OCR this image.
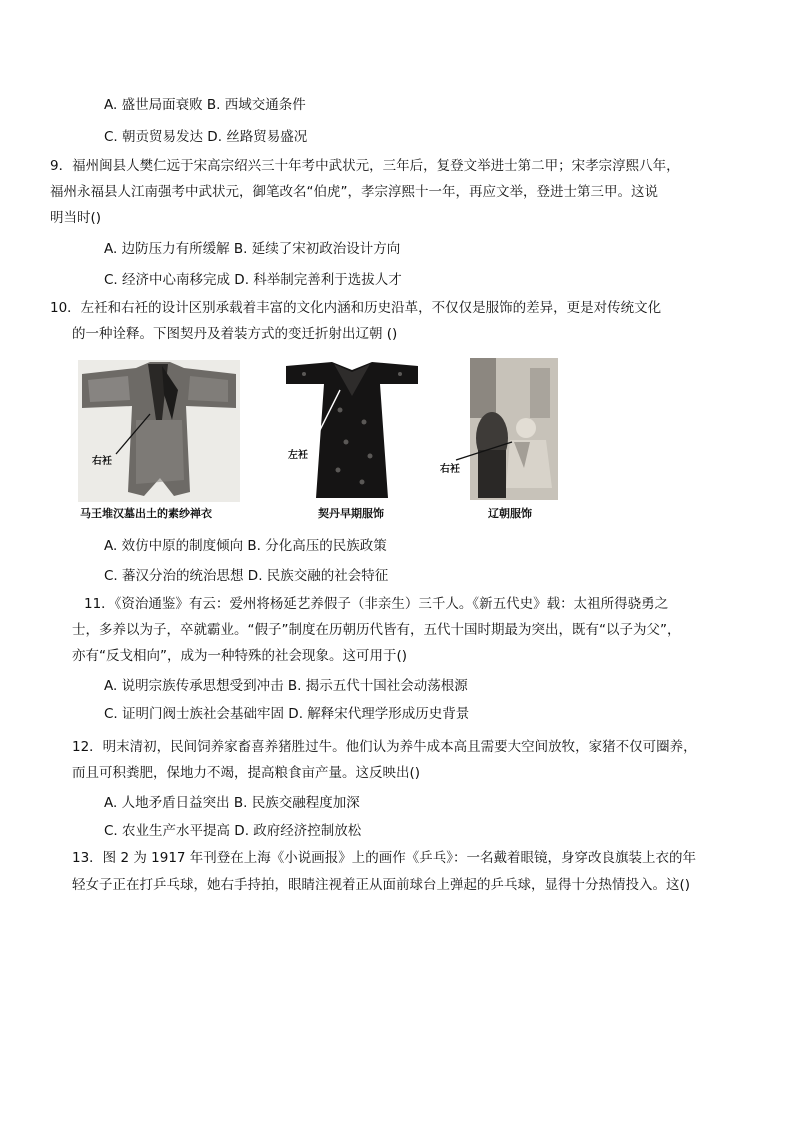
A. 盛世局面衰败 B. 西域交通条件
C. 朝贡贸易发达 D. 丝路贸易盛况
9．福州闽县人樊仁远于宋高宗绍兴三十年考中武状元，三年后，复登文举进士第二甲；宋孝宗淳熙八年，
福州永福县人江南强考中武状元，御笔改名“伯虎”，孝宗淳熙十一年，再应文举，登进士第三甲。这说
明当时()
A. 边防压力有所缓解 B. 延续了宋初政治设计方向
C. 经济中心南移完成 D. 科举制完善利于选拔人才
10．左衽和右衽的设计区别承载着丰富的文化内涵和历史沿革，不仅仅是服饰的差异，更是对传统文化
的一种诠释。下图契丹及着装方式的变迁折射出辽朝 ()
右衽
马王堆汉墓出土的素纱禅衣
左衽
契丹早期服饰
右衽
辽朝服饰
A. 效仿中原的制度倾向 B. 分化高压的民族政策
C. 蕃汉分治的统治思想 D. 民族交融的社会特征
11．《资治通鉴》有云：爱州将杨延艺养假子（非亲生）三千人。《新五代史》载：太祖所得骁勇之
士，多养以为子，卒就霸业。“假子”制度在历朝历代皆有，五代十国时期最为突出，既有“以子为父”，
亦有“反戈相向”，成为一种特殊的社会现象。这可用于()
A. 说明宗族传承思想受到冲击 B. 揭示五代十国社会动荡根源
C. 证明门阀士族社会基础牢固 D. 解释宋代理学形成历史背景
12．明末清初，民间饲养家畜喜养猪胜过牛。他们认为养牛成本高且需要大空间放牧，家猪不仅可圈养，
而且可积粪肥，保地力不竭，提高粮食亩产量。这反映出()
A. 人地矛盾日益突出 B. 民族交融程度加深
C. 农业生产水平提高 D. 政府经济控制放松
13．图 2 为 1917 年刊登在上海《小说画报》上的画作《乒乓》：一名戴着眼镜，身穿改良旗装上衣的年
轻女子正在打乒乓球，她右手持拍，眼睛注视着正从面前球台上弹起的乒乓球，显得十分热情投入。这()
